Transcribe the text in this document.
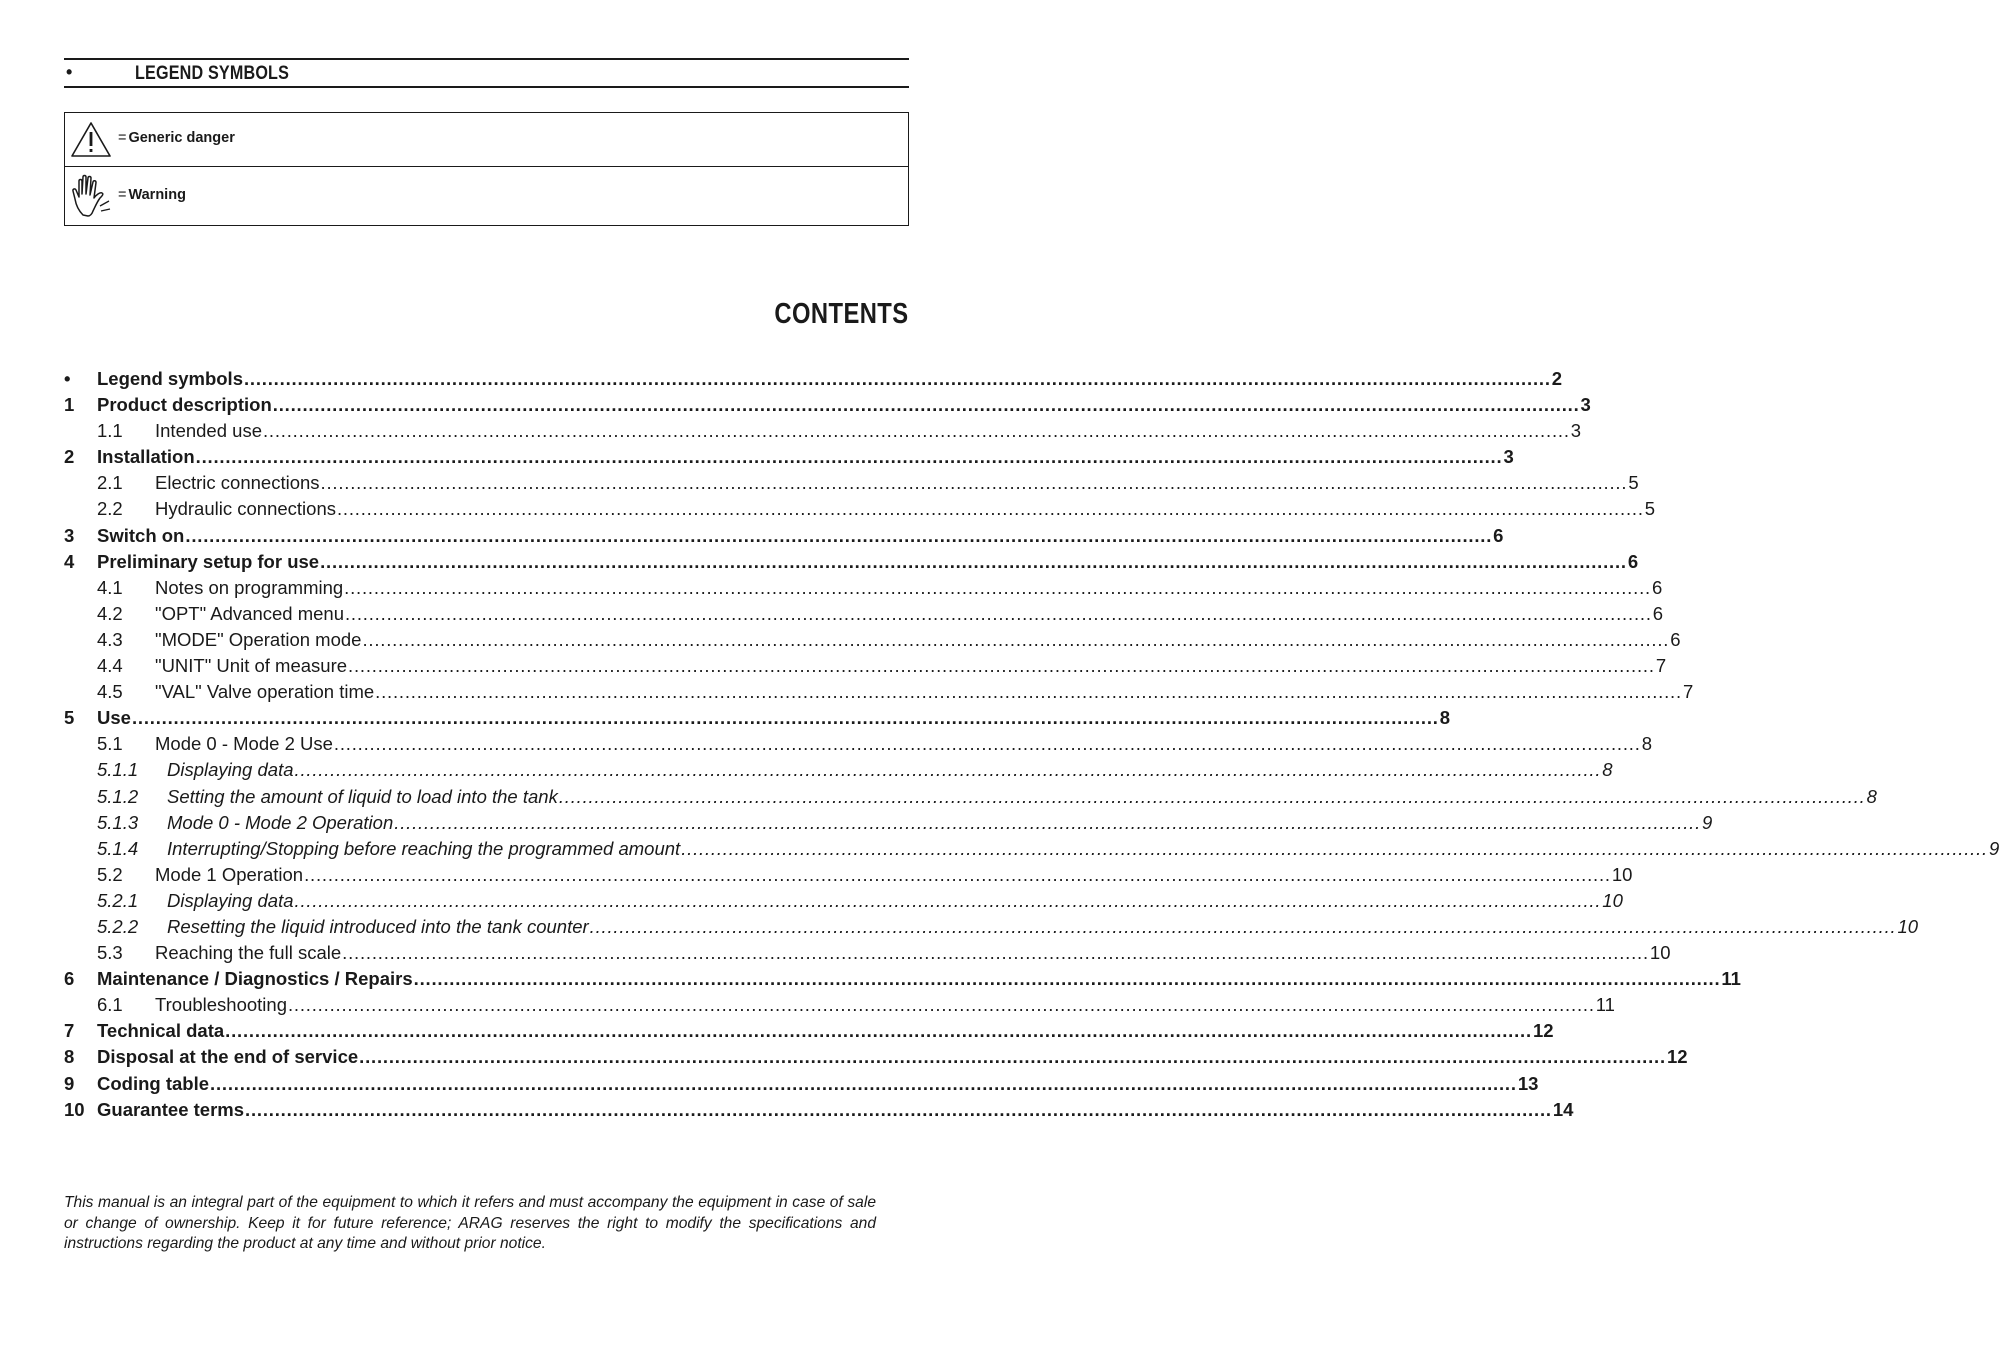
•	LEGEND SYMBOLS
= Generic danger
= Warning
CONTENTS
• Legend symbols ............................................................................................................................................................................................................................ 2
1 Product description ............................................................................................................................................................................................................................ 3
1.1 Intended use ............................................................................................................................................................................................................................ 3
2 Installation ............................................................................................................................................................................................................................ 3
2.1 Electric connections ............................................................................................................................................................................................................................ 5
2.2 Hydraulic connections ............................................................................................................................................................................................................................ 5
3 Switch on ............................................................................................................................................................................................................................ 6
4 Preliminary setup for use ............................................................................................................................................................................................................................ 6
4.1 Notes on programming ............................................................................................................................................................................................................................ 6
4.2 "OPT" Advanced menu ............................................................................................................................................................................................................................ 6
4.3 "MODE" Operation mode ............................................................................................................................................................................................................................ 6
4.4 "UNIT" Unit of measure ............................................................................................................................................................................................................................ 7
4.5 "VAL" Valve operation time ............................................................................................................................................................................................................................ 7
5 Use ............................................................................................................................................................................................................................ 8
5.1 Mode 0 - Mode 2 Use ............................................................................................................................................................................................................................ 8
5.1.1 Displaying data ............................................................................................................................................................................................................................ 8
5.1.2 Setting the amount of liquid to load into the tank ............................................................................................................................................................................................................................ 8
5.1.3 Mode 0 - Mode 2 Operation ............................................................................................................................................................................................................................ 9
5.1.4 Interrupting/Stopping before reaching the programmed amount ............................................................................................................................................................................................................................ 9
5.2 Mode 1 Operation ............................................................................................................................................................................................................................ 10
5.2.1 Displaying data ............................................................................................................................................................................................................................ 10
5.2.2 Resetting the liquid introduced into the tank counter ............................................................................................................................................................................................................................ 10
5.3 Reaching the full scale ............................................................................................................................................................................................................................ 10
6 Maintenance / Diagnostics / Repairs ............................................................................................................................................................................................................................ 11
6.1 Troubleshooting ............................................................................................................................................................................................................................ 11
7 Technical data ............................................................................................................................................................................................................................ 12
8 Disposal at the end of service ............................................................................................................................................................................................................................ 12
9 Coding table ............................................................................................................................................................................................................................ 13
10 Guarantee terms ............................................................................................................................................................................................................................ 14
This manual is an integral part of the equipment to which it refers and must accompany the equipment in case of sale or change of ownership. Keep it for future reference; ARAG reserves the right to modify the specifications and instructions regarding the product at any time and without prior notice.
